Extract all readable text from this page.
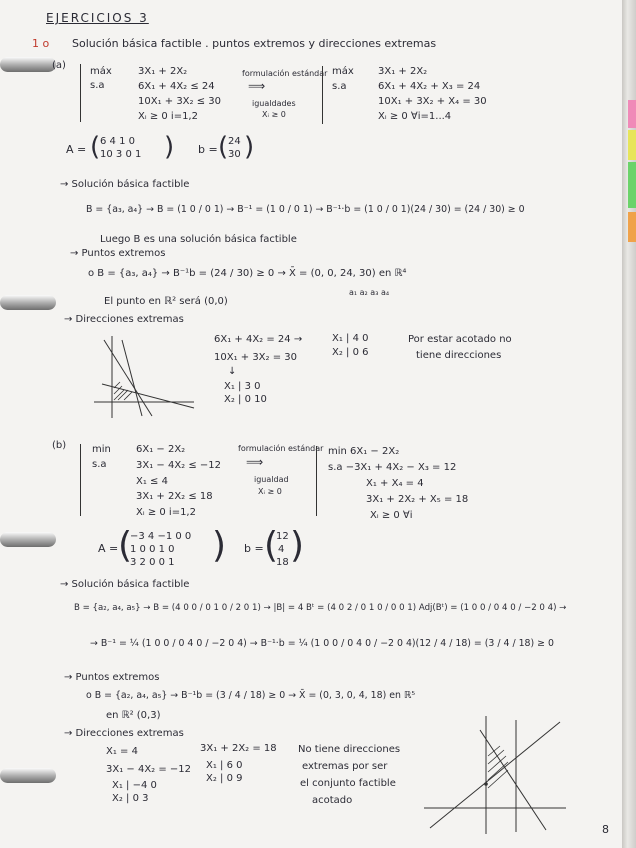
EJERCICIOS 3
1 o Solución básica factible . puntos extremos y direcciones extremas
(a)
máx
s.a
3X₁ + 2X₂
6X₁ + 4X₂ ≤ 24
10X₁ + 3X₂ ≤ 30
Xᵢ ≥ 0 i=1,2
formulación estándar
⟹
igualdades
Xᵢ ≥ 0
máx
s.a
3X₁ + 2X₂
6X₁ + 4X₂ + X₃ = 24
10X₁ + 3X₂ + X₄ = 30
Xᵢ ≥ 0 ∀i=1...4
A = ( 6 4 1 0
10 3 0 1 ) b = ( 24
30 )
→ Solución básica factible
B = {a₃, a₄} → B = (1 0 / 0 1) → B⁻¹ = (1 0 / 0 1) → B⁻¹·b = (1 0 / 0 1)(24 / 30) = (24 / 30) ≥ 0
Luego B es una solución básica factible
→ Puntos extremos
o B = {a₃, a₄} → B⁻¹b = (24 / 30) ≥ 0 → X̄ = (0, 0, 24, 30) en ℝ⁴
a₁ a₂ a₃ a₄
El punto en ℝ² será (0,0)
→ Direcciones extremas
6X₁ + 4X₂ = 24 →
10X₁ + 3X₂ = 30
↓
X₁ | 4 0
X₂ | 0 6
X₁ | 3 0
X₂ | 0 10
Por estar acotado no
tiene direcciones
(b)	min
s.a
6X₁ − 2X₂
3X₁ − 4X₂ ≤ −12
X₁ ≤ 4
3X₁ + 2X₂ ≤ 18
Xᵢ ≥ 0 i=1,2
formulación estándar
⟹
igualdad
Xᵢ ≥ 0
min 6X₁ − 2X₂
s.a −3X₁ + 4X₂ − X₃ = 12
X₁ + X₄ = 4
3X₁ + 2X₂ + X₅ = 18
Xᵢ ≥ 0 ∀i
A = (
−3 4 −1 0 0
1 0 0 1 0
3 2 0 0 1 ) b = (
12
4
18 )
→ Solución básica factible
B = {a₂, a₄, a₅} → B = (4 0 0 / 0 1 0 / 2 0 1) → |B| = 4 Bᵗ = (4 0 2 / 0 1 0 / 0 0 1) Adj(Bᵗ) = (1 0 0 / 0 4 0 / −2 0 4) →
→ B⁻¹ = ¼ (1 0 0 / 0 4 0 / −2 0 4) → B⁻¹·b = ¼ (1 0 0 / 0 4 0 / −2 0 4)(12 / 4 / 18) = (3 / 4 / 18) ≥ 0
→ Puntos extremos
o B = {a₂, a₄, a₅} → B⁻¹b = (3 / 4 / 18) ≥ 0 → X̄ = (0, 3, 0, 4, 18) en ℝ⁵
en ℝ² (0,3)
→ Direcciones extremas
X₁ = 4
3X₁ − 4X₂ = −12
X₁ | −4 0
X₂ | 0 3
3X₁ + 2X₂ = 18
X₁ | 6 0
X₂ | 0 9
No tiene direcciones
extremas por ser
el conjunto factible
acotado
8
